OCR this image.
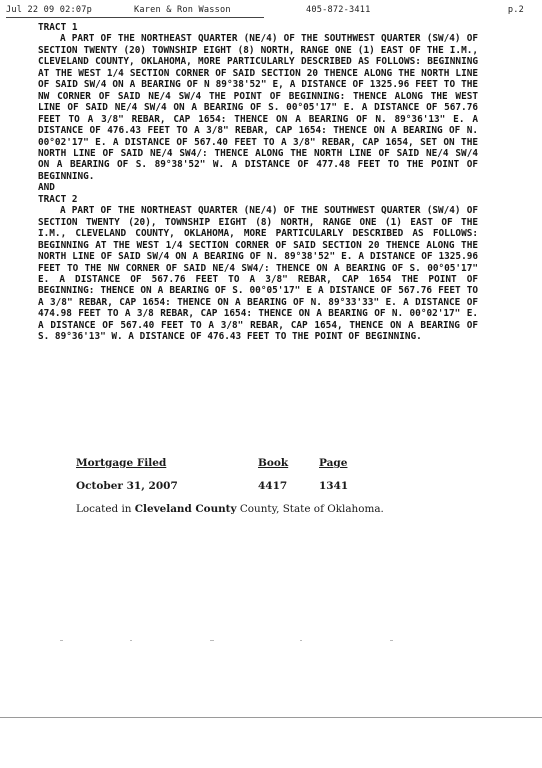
Jul 22 09 02:07p	Karen & Ron Wasson	405-872-3411	p.2
TRACT 1
A PART OF THE NORTHEAST QUARTER (NE/4) OF THE SOUTHWEST QUARTER (SW/4) OF SECTION TWENTY (20) TOWNSHIP EIGHT (8) NORTH, RANGE ONE (1) EAST OF THE I.M., CLEVELAND COUNTY, OKLAHOMA, MORE PARTICULARLY DESCRIBED AS FOLLOWS: BEGINNING AT THE WEST 1/4 SECTION CORNER OF SAID SECTION 20 THENCE ALONG THE NORTH LINE OF SAID SW/4 ON A BEARING OF N 89°38'52" E, A DISTANCE OF 1325.96 FEET TO THE NW CORNER OF SAID NE/4 SW/4 THE POINT OF BEGINNING: THENCE ALONG THE WEST LINE OF SAID NE/4 SW/4 ON A BEARING OF S. 00°05'17" E. A DISTANCE OF 567.76 FEET TO A 3/8" REBAR, CAP 1654: THENCE ON A BEARING OF N. 89°36'13" E. A DISTANCE OF 476.43 FEET TO A 3/8" REBAR, CAP 1654: THENCE ON A BEARING OF N. 00°02'17" E. A DISTANCE OF 567.40 FEET TO A 3/8" REBAR, CAP 1654, SET ON THE NORTH LINE OF SAID NE/4 SW4/: THENCE ALONG THE NORTH LINE OF SAID NE/4 SW/4 ON A BEARING OF S. 89°38'52" W. A DISTANCE OF 477.48 FEET TO THE POINT OF BEGINNING.
AND
TRACT 2
A PART OF THE NORTHEAST QUARTER (NE/4) OF THE SOUTHWEST QUARTER (SW/4) OF SECTION TWENTY (20), TOWNSHIP EIGHT (8) NORTH, RANGE ONE (1) EAST OF THE I.M., CLEVELAND COUNTY, OKLAHOMA, MORE PARTICULARLY DESCRIBED AS FOLLOWS: BEGINNING AT THE WEST 1/4 SECTION CORNER OF SAID SECTION 20 THENCE ALONG THE NORTH LINE OF SAID SW/4 ON A BEARING OF N. 89°38'52" E. A DISTANCE OF 1325.96 FEET TO THE NW CORNER OF SAID NE/4 SW4/: THENCE ON A BEARING OF S. 00°05'17" E. A DISTANCE OF 567.76 FEET TO A 3/8" REBAR, CAP 1654 THE POINT OF BEGINNING: THENCE ON A BEARING OF S. 00°05'17" E A DISTANCE OF 567.76 FEET TO A 3/8" REBAR, CAP 1654: THENCE ON A BEARING OF N. 89°33'33" E. A DISTANCE OF 474.98 FEET TO A 3/8 REBAR, CAP 1654: THENCE ON A BEARING OF N. 00°02'17" E. A DISTANCE OF 567.40 FEET TO A 3/8" REBAR, CAP 1654, THENCE ON A BEARING OF S. 89°36'13" W. A DISTANCE OF 476.43 FEET TO THE POINT OF BEGINNING.
Mortgage Filed	Book	Page
October 31, 2007	4417	1341
Located in Cleveland County County, State of Oklahoma.
